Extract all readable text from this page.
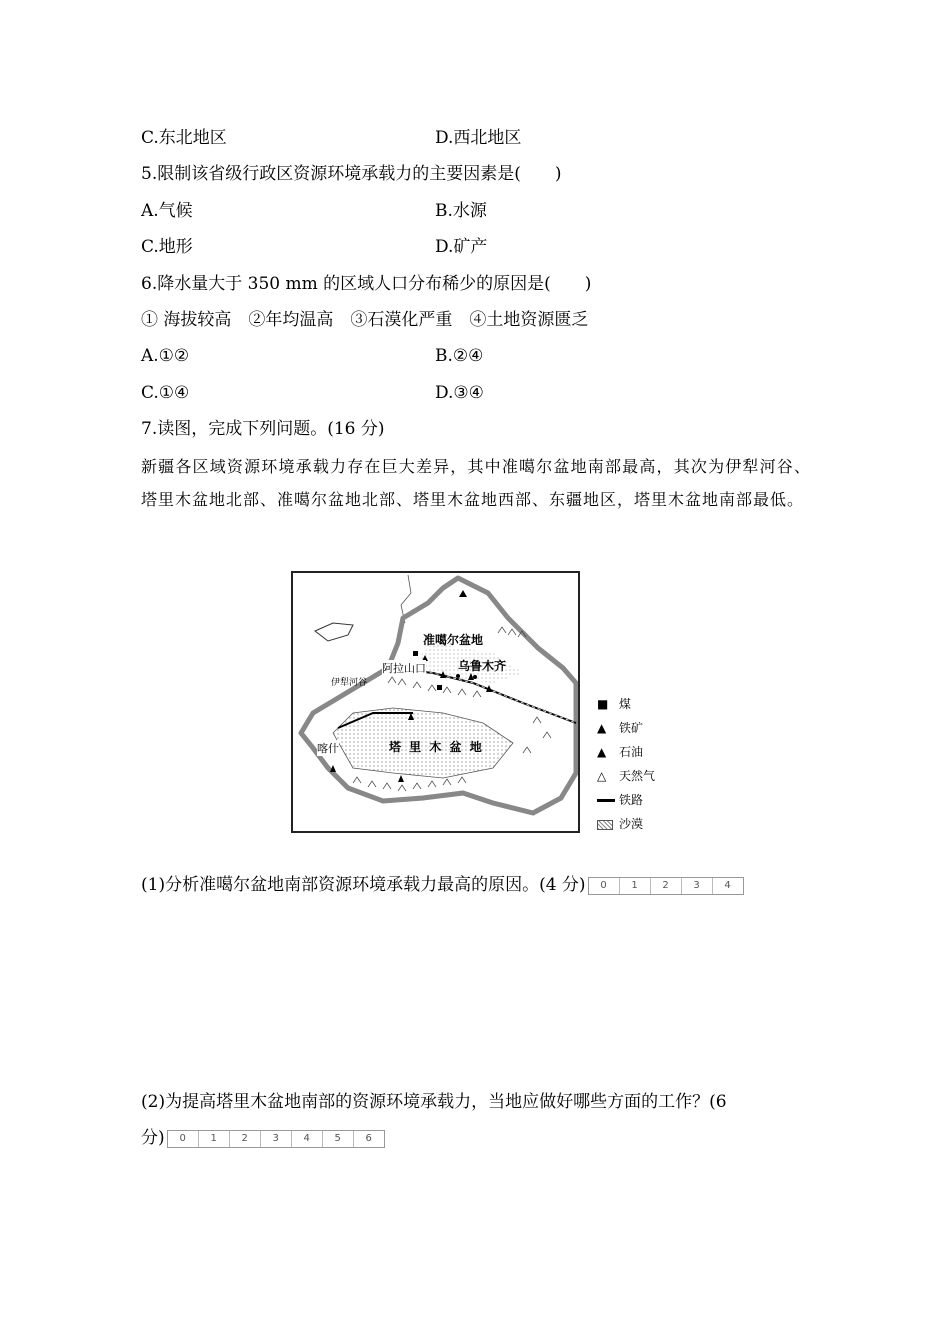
C.东北地区	D.西北地区
5.限制该省级行政区资源环境承载力的主要因素是(　　)
A.气候	B.水源
C.地形	D.矿产
6.降水量大于 350 mm 的区域人口分布稀少的原因是(　　)
① 海拔较高　②年均温高　③石漠化严重　④土地资源匮乏
A.①②	B.②④
C.①④	D.③④
7.读图，完成下列问题。(16 分)
新疆各区域资源环境承载力存在巨大差异，其中准噶尔盆地南部最高，其次为伊犁河谷、塔里木盆地北部、准噶尔盆地北部、塔里木盆地西部、东疆地区，塔里木盆地南部最低。
准噶尔盆地
乌鲁木齐
阿拉山口
伊犁河谷
喀什	塔 里 木 盆 地
■ 煤
▲ 铁矿
▲ 石油
△ 天然气
铁路
沙漠
(1)分析准噶尔盆地南部资源环境承载力最高的原因。(4 分)	0	1	2	3	4
(2)为提高塔里木盆地南部的资源环境承载力，当地应做好哪些方面的工作？(6
分)	0	1	2	3	4	5	6
